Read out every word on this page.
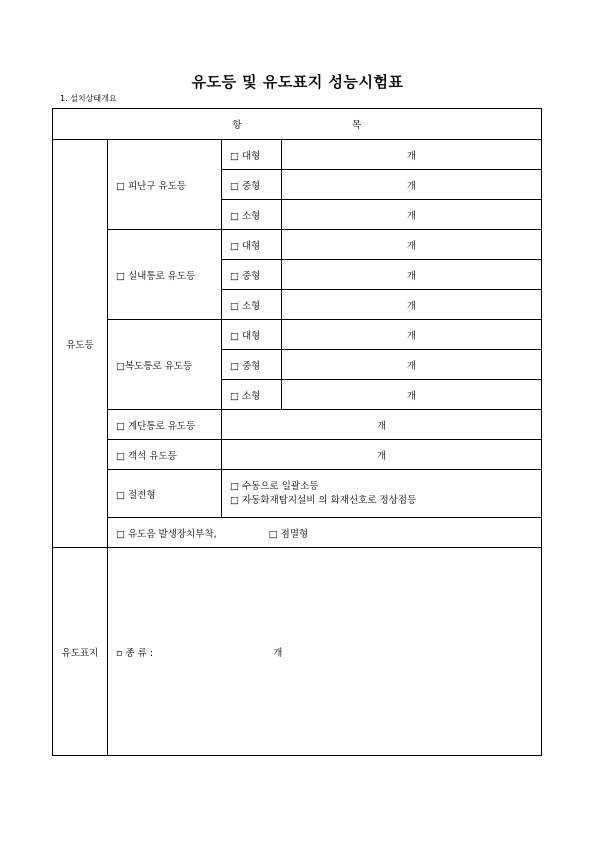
유도등 및 유도표지 성능시험표
1. 설치상태개요
항 목			
유도등	□ 피난구 유도등	□ 대형	개
		□ 중형	개
		□ 소형	개
	□ 실내통로 유도등	□ 대형	개
		□ 중형	개
		□ 소형	개
	□복도통로 유도등	□ 대형	개
		□ 중형	개
		□ 소형	개
	□ 계단통로 유도등	개	
	□ 객석 유도등	개	
	□ 절전형	□ 수동으로 일괄소등
□ 자동화재탐지설비 의 화재신호로 정상점등	

	□ 유도음 발생장치부착, □ 점멸형		
유도표지	▫ 종 류 : 개		
